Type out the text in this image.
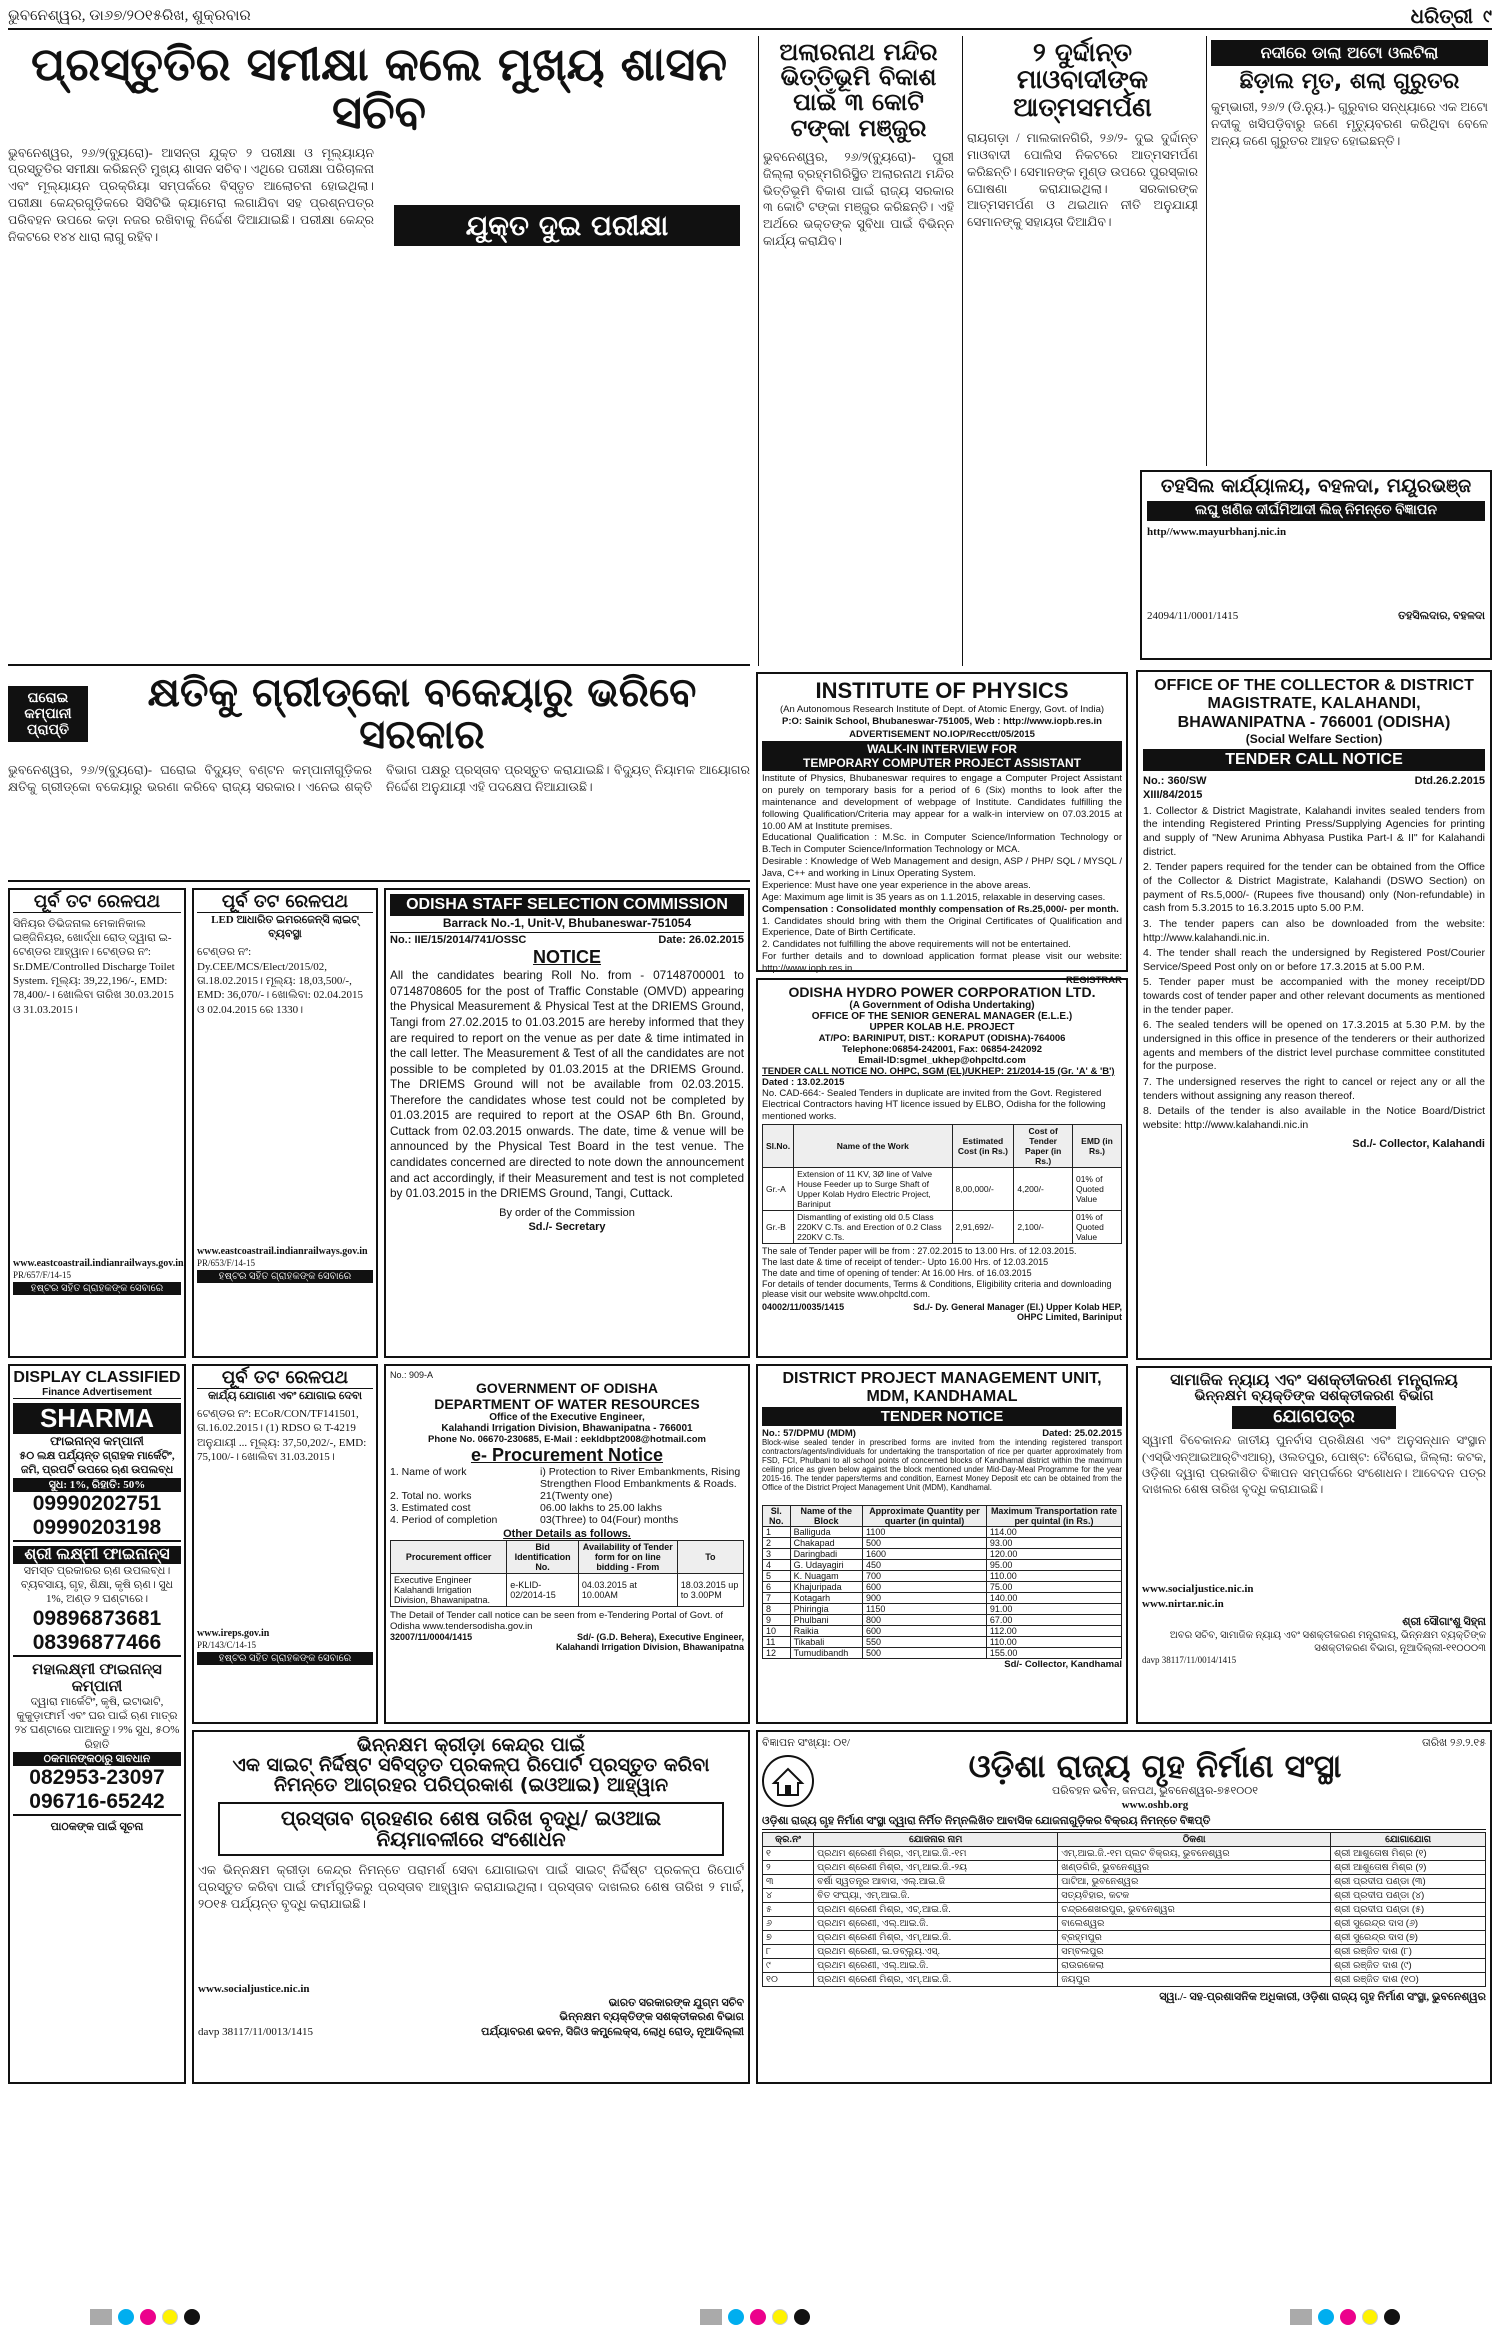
ଭୁବନେଶ୍ୱର, ଡା୬୭/୨୦୧୫ରିଖ, ଶୁକ୍ରବାର	ଧରିତ୍ରୀ ୯
ପ୍ରସ୍ତୁତିର ସମୀକ୍ଷା କଲେ ମୁଖ୍ୟ ଶାସନ ସଚିବ

ଭୁବନେଶ୍ୱର, ୨୬/୨(ବ୍ୟୁରୋ)- ଆସନ୍ତା ଯୁକ୍ତ ୨ ପରୀକ୍ଷା ଓ ମୂଲ୍ୟାୟନ ପ୍ରସ୍ତୁତିର ସମୀକ୍ଷା କରିଛନ୍ତି ମୁଖ୍ୟ ଶାସନ ସଚିବ। ଏଥିରେ ପରୀକ୍ଷା ପରିଚାଳନା ଏବଂ ମୂଲ୍ୟାୟନ ପ୍ରକ୍ରିୟା ସମ୍ପର୍କରେ ବିସ୍ତୃତ ଆଲୋଚନା ହୋଇଥିଲା। ପରୀକ୍ଷା କେନ୍ଦ୍ରଗୁଡ଼ିକରେ ସିସିଟିଭି କ୍ୟାମେରା ଲଗାଯିବା ସହ ପ୍ରଶ୍ନପତ୍ର ପରିବହନ ଉପରେ କଡ଼ା ନଜର ରଖିବାକୁ ନିର୍ଦ୍ଦେଶ ଦିଆଯାଇଛି। ପରୀକ୍ଷା କେନ୍ଦ୍ର ନିକଟରେ ୧୪୪ ଧାରା ଲାଗୁ ରହିବ।	ଯୁକ୍ତ ଦୁଇ ପରୀକ୍ଷା
ଅଲାରନାଥ ମନ୍ଦିର ଭିତ୍ତିଭୂମି ବିକାଶ ପାଇଁ ୩ କୋଟି ଟଙ୍କା ମଞ୍ଜୁର
ଭୁବନେଶ୍ୱର, ୨୬/୨(ବ୍ୟୁରୋ)- ପୁରୀ ଜିଲ୍ଲା ବ୍ରହ୍ମଗିରିସ୍ଥିତ ଅଲାରନାଥ ମନ୍ଦିର ଭିତ୍ତିଭୂମି ବିକାଶ ପାଇଁ ରାଜ୍ୟ ସରକାର ୩ କୋଟି ଟଙ୍କା ମଞ୍ଜୁର କରିଛନ୍ତି। ଏହି ଅର୍ଥରେ ଭକ୍ତଙ୍କ ସୁବିଧା ପାଇଁ ବିଭିନ୍ନ କାର୍ଯ୍ୟ କରାଯିବ।
୨ ଦୁର୍ଦ୍ଦାନ୍ତ ମାଓବାଦୀଙ୍କ ଆତ୍ମସମର୍ପଣ
ରାୟଗଡ଼ା / ମାଲକାନଗିରି, ୨୬/୨- ଦୁଇ ଦୁର୍ଦ୍ଦାନ୍ତ ମାଓବାଦୀ ପୋଲିସ ନିକଟରେ ଆତ୍ମସମର୍ପଣ କରିଛନ୍ତି। ସେମାନଙ୍କ ମୁଣ୍ଡ ଉପରେ ପୁରସ୍କାର ଘୋଷଣା କରାଯାଇଥିଲା। ସରକାରଙ୍କ ଆତ୍ମସମର୍ପଣ ଓ ଥଇଥାନ ନୀତି ଅନୁଯାୟୀ ସେମାନଙ୍କୁ ସହାୟତା ଦିଆଯିବ।
ନଦୀରେ ଡାଲା ଅଟୋ ଓଲଟିଲା
ଛିଡ଼ାଲ ମୃତ, ଶଲା ଗୁରୁତର
କୁମ୍ଭାରୀ, ୨୬/୨ (ଡି.ନ୍ୟୁ.)- ଗୁରୁବାର ସନ୍ଧ୍ୟାରେ ଏକ ଅଟୋ ନଦୀକୁ ଖସିପଡ଼ିବାରୁ ଜଣେ ମୃତ୍ୟୁବରଣ କରିଥିବା ବେଳେ ଅନ୍ୟ ଜଣେ ଗୁରୁତର ଆହତ ହୋଇଛନ୍ତି।
ତହସିଲ କାର୍ଯ୍ୟାଳୟ, ବହଳଦା, ମୟୂରଭଞ୍ଜ
ଲଘୁ ଖଣିଜ ଦୀର୍ଘମିଆଦୀ ଲିଜ୍ ନିମନ୍ତେ ବିଜ୍ଞାପନ
http//www.mayurbhanj.nic.in
24094/11/0001/1415	ତହସିଲଦାର, ବହଳଦା
ଘରୋଇ କମ୍ପାନୀ ପ୍ରାପ୍ତି
କ୍ଷତିକୁ ଗ୍ରୀଡ୍କୋ ବକେୟାରୁ ଭରିବେ ସରକାର
ଭୁବନେଶ୍ୱର, ୨୬/୨(ବ୍ୟୁରୋ)- ଘରୋଇ ବିଦ୍ୟୁତ୍ ବଣ୍ଟନ କମ୍ପାନୀଗୁଡ଼ିକର କ୍ଷତିକୁ ଗ୍ରୀଡ୍କୋ ବକେୟାରୁ ଭରଣା କରିବେ ରାଜ୍ୟ ସରକାର। ଏନେଇ ଶକ୍ତି ବିଭାଗ ପକ୍ଷରୁ ପ୍ରସ୍ତାବ ପ୍ରସ୍ତୁତ କରାଯାଇଛି। ବିଦ୍ୟୁତ୍ ନିୟାମକ ଆୟୋଗର ନିର୍ଦ୍ଦେଶ ଅନୁଯାୟୀ ଏହି ପଦକ୍ଷେପ ନିଆଯାଉଛି।
INSTITUTE OF PHYSICS
(An Autonomous Research Institute of Dept. of Atomic Energy, Govt. of India)
P:O: Sainik School, Bhubaneswar-751005, Web : http://www.iopb.res.in
ADVERTISEMENT NO.IOP/Recctt/05/2015
WALK-IN INTERVIEW FOR
TEMPORARY COMPUTER PROJECT ASSISTANT

Institute of Physics, Bhubaneswar requires to engage a Computer Project Assistant on purely on temporary basis for a period of 6 (Six) months to look after the maintenance and development of webpage of Institute. Candidates fulfilling the following Qualification/Criteria may appear for a walk-in interview on 07.03.2015 at 10.00 AM at Institute premises.

Educational Qualification : M.Sc. in Computer Science/Information Technology or B.Tech in Computer Science/Information Technology or MCA.

Desirable : Knowledge of Web Management and design, ASP / PHP/ SQL / MYSQL / Java, C++ and working in Linux Operating System.

Experience: Must have one year experience in the above areas.

Age: Maximum age limit is 35 years as on 1.1.2015, relaxable in deserving cases.

Compensation : Consolidated monthly compensation of Rs.25,000/- per month.

1. Candidates should bring with them the Original Certificates of Qualification and Experience, Date of Birth Certificate.

2. Candidates not fulfilling the above requirements will not be entertained.

For further details and to download application format please visit our website: http://www.iopb.res.in

REGISTRAR

OFFICE OF THE COLLECTOR & DISTRICT MAGISTRATE, KALAHANDI, BHAWANIPATNA - 766001 (ODISHA)
(Social Welfare Section)
TENDER CALL NOTICE
No.: 360/SW	Dtd.26.2.2015
XIII/84/2015

1. Collector & District Magistrate, Kalahandi invites sealed tenders from the intending Registered Printing Press/Supplying Agencies for printing and supply of "New Arunima Abhyasa Pustika Part-I & II" for Kalahandi district.

2. Tender papers required for the tender can be obtained from the Office of the Collector & District Magistrate, Kalahandi (DSWO Section) on payment of Rs.5,000/- (Rupees five thousand) only (Non-refundable) in cash from 5.3.2015 to 16.3.2015 upto 5.00 P.M.

3. The tender papers can also be downloaded from the website: http://www.kalahandi.nic.in.

4. The tender shall reach the undersigned by Registered Post/Courier Service/Speed Post only on or before 17.3.2015 at 5.00 P.M.

5. Tender paper must be accompanied with the money receipt/DD towards cost of tender paper and other relevant documents as mentioned in the tender paper.

6. The sealed tenders will be opened on 17.3.2015 at 5.30 P.M. by the undersigned in this office in presence of the tenderers or their authorized agents and members of the district level purchase committee constituted for the purpose.

7. The undersigned reserves the right to cancel or reject any or all the tenders without assigning any reason thereof.

8. Details of the tender is also available in the Notice Board/District website: http://www.kalahandi.nic.in

Sd./- Collector, Kalahandi
ପୂର୍ବ ତଟ ରେଳପଥ
ସିନିୟର ଡିଭିଜନାଲ ମେକାନିକାଲ ଇଞ୍ଜିନିୟର, ଖୋର୍ଦ୍ଧା ରୋଡ୍ ଦ୍ୱାରା ଇ-ଟେଣ୍ଡର ଆହ୍ୱାନ। ଟେଣ୍ଡର ନଂ: Sr.DME/Controlled Discharge Toilet System. ମୂଲ୍ୟ: 39,22,196/-, EMD: 78,400/-। ଖୋଲିବା ତାରିଖ 30.03.2015 ଓ 31.03.2015।
www.eastcoastrail.indianrailways.gov.in
PR/657/F/14-15
ହଷ୍ଟର ସହିତ ଗ୍ରାହକଙ୍କ ସେବାରେ
ପୂର୍ବ ତଟ ରେଳପଥ
LED ଆଧାରିତ ଇମରଜେନ୍ସି ଲାଇଟ୍ ବ୍ୟବସ୍ଥା
ଟେଣ୍ଡର ନଂ: Dy.CEE/MCS/Elect/2015/02, ତା.18.02.2015। ମୂଲ୍ୟ: 18,03,500/-, EMD: 36,070/-। ଖୋଲିବା: 02.04.2015 ଓ 02.04.2015 ରେ 1330।
www.eastcoastrail.indianrailways.gov.in
PR/653/F/14-15
ହଷ୍ଟର ସହିତ ଗ୍ରାହକଙ୍କ ସେବାରେ
ODISHA STAFF SELECTION COMMISSION
Barrack No.-1, Unit-V, Bhubaneswar-751054
No.: IIE/15/2014/741/OSSC	Date: 26.02.2015
NOTICE
All the candidates bearing Roll No. from - 07148700001 to 07148708605 for the post of Traffic Constable (OMVD) appearing the Physical Measurement & Physical Test at the DRIEMS Ground, Tangi from 27.02.2015 to 01.03.2015 are hereby informed that they are required to report on the venue as per date & time intimated in the call letter. The Measurement & Test of all the candidates are not possible to be completed by 01.03.2015 at the DRIEMS Ground. The DRIEMS Ground will not be available from 02.03.2015. Therefore the candidates whose test could not be completed by 01.03.2015 are required to report at the OSAP 6th Bn. Ground, Cuttack from 02.03.2015 onwards. The date, time & venue will be announced by the Physical Test Board in the test venue. The candidates concerned are directed to note down the announcement and act accordingly, if their Measurement and test is not completed by 01.03.2015 in the DRIEMS Ground, Tangi, Cuttack.
By order of the Commission
Sd./- Secretary
ODISHA HYDRO POWER CORPORATION LTD.
(A Government of Odisha Undertaking)
OFFICE OF THE SENIOR GENERAL MANAGER (E.L.E.)
UPPER KOLAB H.E. PROJECT
AT/PO: BARINIPUT, DIST.: KORAPUT (ODISHA)-764006
Telephone:06854-242001, Fax: 06854-242092
Email-ID:sgmel_ukhep@ohpcltd.com
TENDER CALL NOTICE NO. OHPC, SGM (EL)/UKHEP: 21/2014-15 (Gr. 'A' & 'B')
Dated : 13.02.2015
No. CAD-664:- Sealed Tenders in duplicate are invited from the Govt. Registered Electrical Contractors having HT licence issued by ELBO, Odisha for the following mentioned works.
Sl.No.	Name of the Work	Estimated Cost (in Rs.)	Cost of Tender Paper (in Rs.)	EMD (in Rs.)
Gr.-A	Extension of 11 KV, 3Ø line of Valve House Feeder up to Surge Shaft of Upper Kolab Hydro Electric Project, Bariniput	8,00,000/-	4,200/-	01% of Quoted Value
Gr.-B	Dismantling of existing old 0.5 Class 220KV C.Ts. and Erection of 0.2 Class 220KV C.Ts.	2,91,692/-	2,100/-	01% of Quoted Value
The sale of Tender paper will be from : 27.02.2015 to 13.00 Hrs. of 12.03.2015.
The last date & time of receipt of tender:- Upto 16.00 Hrs. of 12.03.2015
The date and time of opening of tender: At 16.00 Hrs. of 16.03.2015
For details of tender documents, Terms & Conditions, Eligibility criteria and downloading please visit our website www.ohpcltd.com.
04002/11/0035/1415	Sd./- Dy. General Manager (El.) Upper Kolab HEP, OHPC Limited, Bariniput
DISPLAY CLASSIFIED
Finance Advertisement
SHARMA
ଫାଇନାନ୍ସ କମ୍ପାନୀ
୫୦ ଲକ୍ଷ ପର୍ଯ୍ୟନ୍ତ ଗ୍ରାହକ ମାର୍କେଟିଂ, ଜମି, ପ୍ରପର୍ଟି ଉପରେ ଋଣ ଉପଲବ୍ଧ
ସୁଧ: 1%, ରିହାତି: 50%
09990202751
09990203198
ଶ୍ରୀ ଲକ୍ଷ୍ମୀ ଫାଇନାନ୍ସ
ସମସ୍ତ ପ୍ରକାରର ଋଣ ଉପଲବ୍ଧ। ବ୍ୟବସାୟ, ଗୃହ, ଶିକ୍ଷା, କୃଷି ଋଣ। ସୁଧ 1%, ଅଣ୍ଡ ୨ ଘଣ୍ଟାରେ।
09896873681
08396877466
ମହାଲକ୍ଷ୍ମୀ ଫାଇନାନ୍ସ କମ୍ପାନୀ
ଦ୍ୱାରା ମାର୍କେଟିଂ, କୃଷି, ଇଟାଭାଟି, କୁକୁଡ଼ାଫାର୍ମ ଏବଂ ଘର ପାଇଁ ଋଣ ମାତ୍ର ୨୪ ଘଣ୍ଟାରେ ପାଆନ୍ତୁ। ୨% ସୁଧ, ୫୦% ରିହାତି
ଠକମାନଙ୍କଠାରୁ ସାବଧାନ
082953-23097
096716-65242
ପାଠକଙ୍କ ପାଇଁ ସୂଚନା
ପୂର୍ବ ତଟ ରେଳପଥ
କାର୍ଯ୍ୟ ଯୋଗାଣ ଏବଂ ଯୋଗାଇ ଦେବା
ଟେଣ୍ଡର ନଂ: ECoR/CON/TF141501, ତା.16.02.2015। (1) RDSO ର T-4219 ଅନୁଯାୟୀ ... ମୂଲ୍ୟ: 37,50,202/-, EMD: 75,100/-। ଖୋଲିବା 31.03.2015।
www.ireps.gov.in
PR/143/C/14-15
ହଷ୍ଟର ସହିତ ଗ୍ରାହକଙ୍କ ସେବାରେ
No.: 909-A
GOVERNMENT OF ODISHA
DEPARTMENT OF WATER RESOURCES
Office of the Executive Engineer,
Kalahandi Irrigation Division, Bhawanipatna - 766001
Phone No. 06670-230685, E-Mail : eekldbpt2008@hotmail.com
e- Procurement Notice
1. Name of work	i) Protection to River Embankments, Rising Strengthen Flood Embankments & Roads.
2. Total no. works	21(Twenty one)
3. Estimated cost	06.00 lakhs to 25.00 lakhs
4. Period of completion	03(Three) to 04(Four) months
Other Details as follows.
Procurement officer	Bid Identification No.	Availability of Tender form for on line bidding - From	To
Executive Engineer Kalahandi Irrigation Division, Bhawanipatna.	e-KLID-02/2014-15	04.03.2015 at 10.00AM	18.03.2015 up to 3.00PM
The Detail of Tender call notice can be seen from e-Tendering Portal of Govt. of Odisha www.tendersodisha.gov.in
32007/11/0004/1415	Sd/- (G.D. Behera), Executive Engineer, Kalahandi Irrigation Division, Bhawanipatna
DISTRICT PROJECT MANAGEMENT UNIT, MDM, KANDHAMAL
TENDER NOTICE
No.: 57/DPMU (MDM)	Dated: 25.02.2015
Block-wise sealed tender in prescribed forms are invited from the intending registered transport contractors/agents/individuals for undertaking the transportation of rice per quarter approximately from FSD, FCI, Phulbani to all school points of concerned blocks of Kandhamal district within the maximum ceiling price as given below against the block mentioned under Mid-Day-Meal Programme for the year 2015-16. The tender papers/terms and condition, Earnest Money Deposit etc can be obtained from the Office of the District Project Management Unit (MDM), Kandhamal.
Sl. No.	Name of the Block	Approximate Quantity per quarter (in quintal)	Maximum Transportation rate per quintal (in Rs.)
1	Balliguda	1100	114.00
2	Chakapad	500	93.00
3	Daringbadi	1600	120.00
4	G. Udayagiri	450	95.00
5	K. Nuagam	700	110.00
6	Khajuripada	600	75.00
7	Kotagarh	900	140.00
8	Phiringia	1150	91.00
9	Phulbani	800	67.00
10	Raikia	600	112.00
11	Tikabali	550	110.00
12	Tumudibandh	500	155.00
Sd/- Collector, Kandhamal
ସାମାଜିକ ନ୍ୟାୟ ଏବଂ ସଶକ୍ତୀକରଣ ମନ୍ତ୍ରାଳୟ
ଭିନ୍ନକ୍ଷମ ବ୍ୟକ୍ତିଙ୍କ ସଶକ୍ତୀକରଣ ବିଭାଗ
ଯୋଗପତ୍ର
ସ୍ୱାମୀ ବିବେକାନନ୍ଦ ଜାତୀୟ ପୁନର୍ବାସ ପ୍ରଶିକ୍ଷଣ ଏବଂ ଅନୁସନ୍ଧାନ ସଂସ୍ଥାନ (ଏସ୍‌ଭିଏନ୍‌ଆଇଆର୍‌ଟିଏଆର୍), ଓଲତପୁର, ପୋଷ୍ଟ: ବୈରୋଇ, ଜିଲ୍ଲା: କଟକ, ଓଡ଼ିଶା ଦ୍ୱାରା ପ୍ରକାଶିତ ବିଜ୍ଞାପନ ସମ୍ପର୍କରେ ସଂଶୋଧନ। ଆବେଦନ ପତ୍ର ଦାଖଲର ଶେଷ ତାରିଖ ବୃଦ୍ଧି କରାଯାଇଛି।
www.socialjustice.nic.in
www.nirtar.nic.in
ଶ୍ରୀ ସୌଗାଂଶୁ ସିହ୍ନା
ଅବର ସଚିବ, ସାମାଜିକ ନ୍ୟାୟ ଏବଂ ସଶକ୍ତୀକରଣ ମନ୍ତ୍ରାଳୟ, ଭିନ୍ନକ୍ଷମ ବ୍ୟକ୍ତିଙ୍କ ସଶକ୍ତୀକରଣ ବିଭାଗ, ନୂଆଦିଲ୍ଲୀ-୧୧୦୦୦୩
davp 38117/11/0014/1415
ଭିନ୍ନକ୍ଷମ କ୍ରୀଡ଼ା କେନ୍ଦ୍ର ପାଇଁ
ଏକ ସାଇଟ୍ ନିର୍ଦ୍ଦିଷ୍ଟ ସବିସ୍ତୃତ ପ୍ରକଳ୍ପ ରିପୋର୍ଟ ପ୍ରସ୍ତୁତ କରିବା
ନିମନ୍ତେ ଆଗ୍ରହର ପରିପ୍ରକାଶ (ଇଓଆଇ) ଆହ୍ୱାନ
ପ୍ରସ୍ତାବ ଗ୍ରହଣର ଶେଷ ତାରିଖ ବୃଦ୍ଧି/ ଇଓଆଇ ନିୟମାବଳୀରେ ସଂଶୋଧନ
ଏକ ଭିନ୍ନକ୍ଷମ କ୍ରୀଡ଼ା କେନ୍ଦ୍ର ନିମନ୍ତେ ପରାମର୍ଶ ସେବା ଯୋଗାଇବା ପାଇଁ ସାଇଟ୍ ନିର୍ଦ୍ଦିଷ୍ଟ ପ୍ରକଳ୍ପ ରିପୋର୍ଟ ପ୍ରସ୍ତୁତ କରିବା ପାଇଁ ଫାର୍ମଗୁଡ଼ିକରୁ ପ୍ରସ୍ତାବ ଆହ୍ୱାନ କରାଯାଇଥିଲା। ପ୍ରସ୍ତାବ ଦାଖଲର ଶେଷ ତାରିଖ ୨ ମାର୍ଚ୍ଚ, ୨୦୧୫ ପର୍ଯ୍ୟନ୍ତ ବୃଦ୍ଧି କରାଯାଇଛି।
www.socialjustice.nic.in
ଭାରତ ସରକାରଙ୍କ ଯୁଗ୍ମ ସଚିବ
ଭିନ୍ନକ୍ଷମ ବ୍ୟକ୍ତିଙ୍କ ସଶକ୍ତୀକରଣ ବିଭାଗ
davp 38117/11/0013/1415	ପର୍ଯ୍ୟାବରଣ ଭବନ, ସିଜିଓ କମ୍ପ୍ଲେକ୍ସ, ଲୋଧି ରୋଡ୍, ନୂଆଦିଲ୍ଲୀ
ବିଜ୍ଞାପନ ସଂଖ୍ୟା: ୦୧/	ତାରିଖ ୨୬.୨.୧୫
ଓଡ଼ିଶା ରାଜ୍ୟ ଗୃହ ନିର୍ମାଣ ସଂସ୍ଥା
ପରିବହନ ଭବନ, ଜନପଥ, ଭୁବନେଶ୍ୱର-୭୫୧୦୦୧
www.oshb.org
ଓଡ଼ିଶା ରାଜ୍ୟ ଗୃହ ନିର୍ମାଣ ସଂସ୍ଥା ଦ୍ୱାରା ନିର୍ମିତ ନିମ୍ନଲିଖିତ ଆବାସିକ ଯୋଜନାଗୁଡ଼ିକର ବିକ୍ରୟ ନିମନ୍ତେ ବିଜ୍ଞପ୍ତି
କ୍ର.ନଂ	ଯୋଜନାର ନାମ	ଠିକଣା	ଯୋଗାଯୋଗ
୧	ପ୍ରଥମ ଶ୍ରେଣୀ ମିଶ୍ର, ଏମ୍‌.ଆଇ.ଜି.-୧ମ	ଏମ୍‌.ଆଇ.ଜି.-୧ମ ପ୍ଲଟ ବିକ୍ରୟ, ଭୁବନେଶ୍ୱର	ଶ୍ରୀ ଆଶୁତୋଷ ମିଶ୍ର (୧)
୨	ପ୍ରଥମ ଶ୍ରେଣୀ ମିଶ୍ର, ଏମ୍‌.ଆଇ.ଜି.-୨ୟ	ଖଣ୍ଡଗିରି, ଭୁବନେଶ୍ୱର	ଶ୍ରୀ ଆଶୁତୋଷ ମିଶ୍ର (୨)
୩	ବର୍ଷା ସ୍ୱତନ୍ତ୍ର ଆବାସ, ଏଲ୍‌.ଆଇ.ଜି	ପାଟିଆ, ଭୁବନେଶ୍ୱର	ଶ୍ରୀ ପ୍ରଦୀପ ପଣ୍ଡା (୩)
୪	ବିତ ସଂଘ୍ୟା, ଏମ୍‌.ଆଇ.ଜି.	ସତ୍ୟବିହାର, କଟକ	ଶ୍ରୀ ପ୍ରଦୀପ ପଣ୍ଡା (୪)
୫	ପ୍ରଥମ ଶ୍ରେଣୀ ମିଶ୍ର, ଏଚ୍‌.ଆଇ.ଜି.	ଚନ୍ଦ୍ରଶେଖରପୁର, ଭୁବନେଶ୍ୱର	ଶ୍ରୀ ପ୍ରଦୀପ ପଣ୍ଡା (୫)
୬	ପ୍ରଥମ ଶ୍ରେଣୀ, ଏଲ୍‌.ଆଇ.ଜି.	ବାଲେଶ୍ୱର	ଶ୍ରୀ ସୁରେନ୍ଦ୍ର ଦାସ (୬)
୭	ପ୍ରଥମ ଶ୍ରେଣୀ ମିଶ୍ର, ଏମ୍‌.ଆଇ.ଜି.	ବ୍ରହ୍ମପୁର	ଶ୍ରୀ ସୁରେନ୍ଦ୍ର ଦାସ (୭)
୮	ପ୍ରଥମ ଶ୍ରେଣୀ, ଇ.ଡବ୍ଲ୍ୟୁ.ଏସ୍‌.	ସମ୍ବଲପୁର	ଶ୍ରୀ ରଞ୍ଜିତ ଦାଶ (୮)
୯	ପ୍ରଥମ ଶ୍ରେଣୀ, ଏଲ୍‌.ଆଇ.ଜି.	ରାଉରକେଲା	ଶ୍ରୀ ରଞ୍ଜିତ ଦାଶ (୯)
୧୦	ପ୍ରଥମ ଶ୍ରେଣୀ ମିଶ୍ର, ଏମ୍‌.ଆଇ.ଜି.	ଜୟପୁର	ଶ୍ରୀ ରଞ୍ଜିତ ଦାଶ (୧୦)
ସ୍ୱା./- ସହ-ପ୍ରଶାସନିକ ଅଧିକାରୀ, ଓଡ଼ିଶା ରାଜ୍ୟ ଗୃହ ନିର୍ମାଣ ସଂସ୍ଥା, ଭୁବନେଶ୍ୱର
